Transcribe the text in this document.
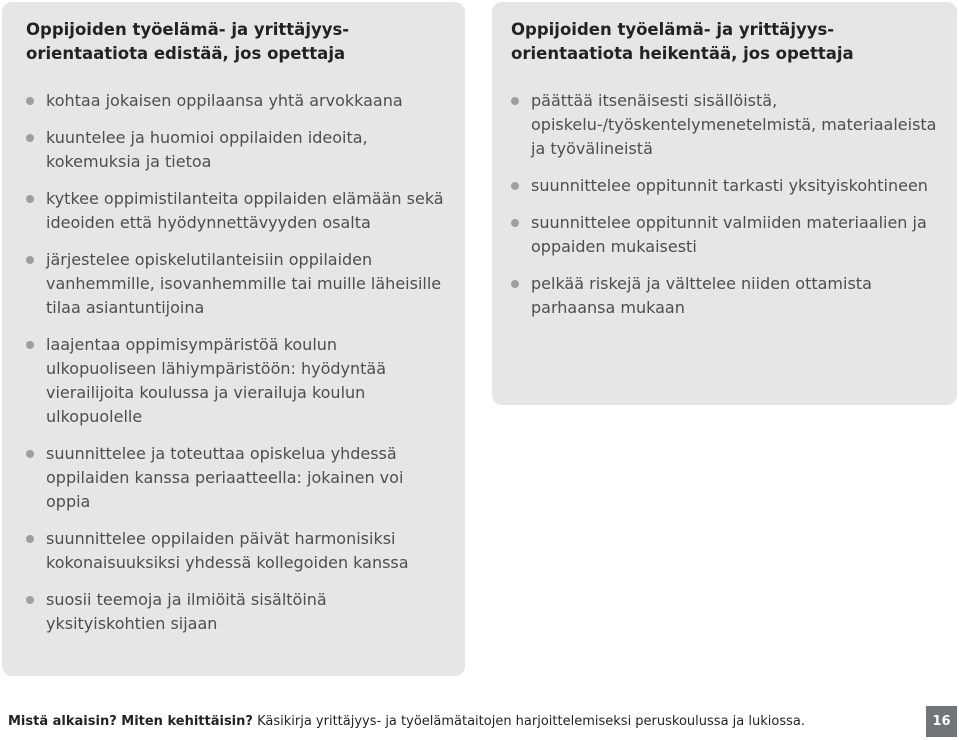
Oppijoiden työelämä- ja yrittäjyys-
orientaatiota edistää, jos opettaja
kohtaa jokaisen oppilaansa yhtä arvokkaana
kuuntelee ja huomioi oppilaiden ideoita, kokemuksia ja tietoa
kytkee oppimistilanteita oppilaiden elämään sekä ideoiden että hyödynnettävyyden osalta
järjestelee opiskelutilanteisiin oppilaiden vanhemmille, isovanhemmille tai muille läheisille tilaa asiantuntijoina
laajentaa oppimisympäristöä koulun ulkopuoliseen lähiympäristöön: hyödyntää vierailijoita koulussa ja vierailuja koulun ulkopuolelle
suunnittelee ja toteuttaa opiskelua yhdessä oppilaiden kanssa periaatteella: jokainen voi oppia
suunnittelee oppilaiden päivät harmonisiksi kokonaisuuksiksi yhdessä kollegoiden kanssa
suosii teemoja ja ilmiöitä sisältöinä yksityiskohtien sijaan
Oppijoiden työelämä- ja yrittäjyys-
orientaatiota heikentää, jos opettaja
päättää itsenäisesti sisällöistä, opiskelu-/työskentelymenetelmistä, materiaaleista ja työvälineistä
suunnittelee oppitunnit tarkasti yksityiskohtineen
suunnittelee oppitunnit valmiiden materiaalien ja oppaiden mukaisesti
pelkää riskejä ja välttelee niiden ottamista parhaansa mukaan
Mistä alkaisin? Miten kehittäisin? Käsikirja yrittäjyys- ja työelämätaitojen harjoittelemiseksi peruskoulussa ja lukiossa.	16
